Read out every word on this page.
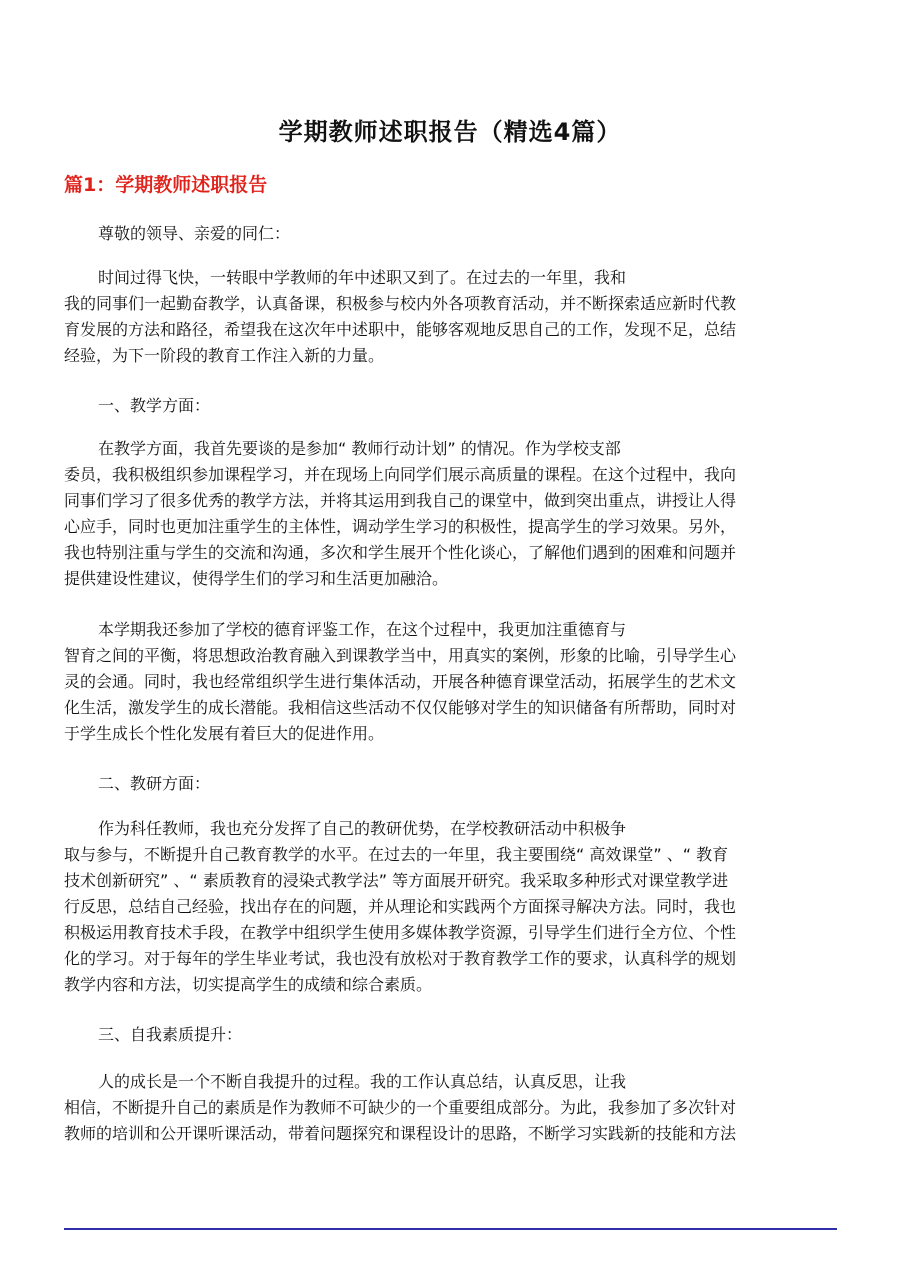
学期教师述职报告（精选4篇）
篇1：学期教师述职报告
尊敬的领导、亲爱的同仁：
时间过得飞快，一转眼中学教师的年中述职又到了。在过去的一年里，我和
我的同事们一起勤奋教学，认真备课，积极参与校内外各项教育活动，并不断探索适应新时代教
育发展的方法和路径，希望我在这次年中述职中，能够客观地反思自己的工作，发现不足，总结
经验，为下一阶段的教育工作注入新的力量。
一、教学方面：
在教学方面，我首先要谈的是参加“ 教师行动计划” 的情况。作为学校支部
委员，我积极组织参加课程学习，并在现场上向同学们展示高质量的课程。在这个过程中，我向
同事们学习了很多优秀的教学方法，并将其运用到我自己的课堂中，做到突出重点，讲授让人得
心应手，同时也更加注重学生的主体性，调动学生学习的积极性，提高学生的学习效果。另外，
我也特别注重与学生的交流和沟通，多次和学生展开个性化谈心，了解他们遇到的困难和问题并
提供建设性建议，使得学生们的学习和生活更加融洽。
本学期我还参加了学校的德育评鉴工作，在这个过程中，我更加注重德育与
智育之间的平衡，将思想政治教育融入到课教学当中，用真实的案例，形象的比喻，引导学生心
灵的会通。同时，我也经常组织学生进行集体活动，开展各种德育课堂活动，拓展学生的艺术文
化生活，激发学生的成长潜能。我相信这些活动不仅仅能够对学生的知识储备有所帮助，同时对
于学生成长个性化发展有着巨大的促进作用。
二、教研方面：
作为科任教师，我也充分发挥了自己的教研优势，在学校教研活动中积极争
取与参与，不断提升自己教育教学的水平。在过去的一年里，我主要围绕“ 高效课堂” 、“ 教育
技术创新研究” 、“ 素质教育的浸染式教学法” 等方面展开研究。我采取多种形式对课堂教学进
行反思，总结自己经验，找出存在的问题，并从理论和实践两个方面探寻解决方法。同时，我也
积极运用教育技术手段，在教学中组织学生使用多媒体教学资源，引导学生们进行全方位、个性
化的学习。对于每年的学生毕业考试，我也没有放松对于教育教学工作的要求，认真科学的规划
教学内容和方法，切实提高学生的成绩和综合素质。
三、自我素质提升：
人的成长是一个不断自我提升的过程。我的工作认真总结，认真反思，让我
相信，不断提升自己的素质是作为教师不可缺少的一个重要组成部分。为此，我参加了多次针对
教师的培训和公开课听课活动，带着问题探究和课程设计的思路，不断学习实践新的技能和方法
